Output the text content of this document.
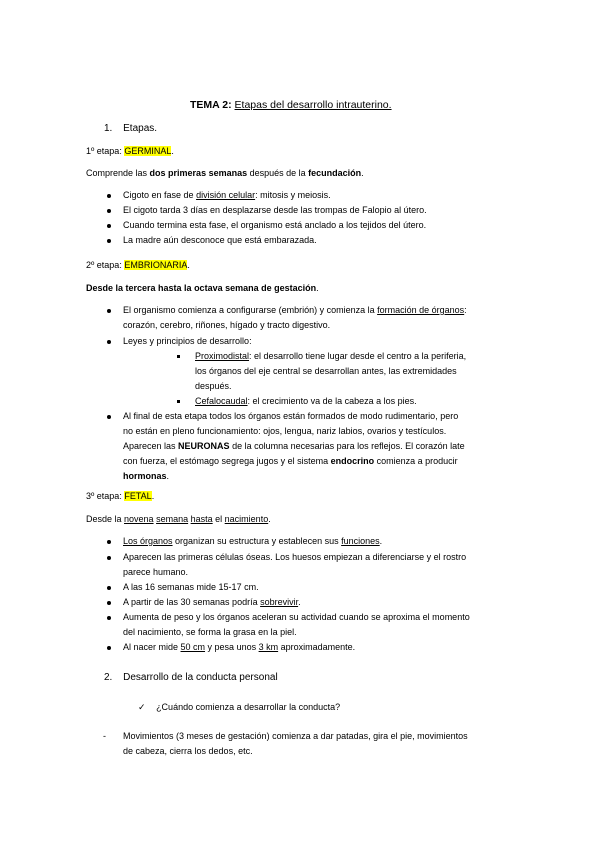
TEMA 2: Etapas del desarrollo intrauterino.
1. Etapas.
1º etapa: GERMINAL.
Comprende las dos primeras semanas después de la fecundación.
Cigoto en fase de división celular: mitosis y meiosis.
El cigoto tarda 3 días en desplazarse desde las trompas de Falopio al útero.
Cuando termina esta fase, el organismo está anclado a los tejidos del útero.
La madre aún desconoce que está embarazada.
2º etapa: EMBRIONARIA.
Desde la tercera hasta la octava semana de gestación.
El organismo comienza a configurarse (embrión) y comienza la formación de órganos:
corazón, cerebro, riñones, hígado y tracto digestivo.
Leyes y principios de desarrollo:
Proximodistal: el desarrollo tiene lugar desde el centro a la periferia,
los órganos del eje central se desarrollan antes, las extremidades
después.
Cefalocaudal: el crecimiento va de la cabeza a los pies.
Al final de esta etapa todos los órganos están formados de modo rudimentario, pero
no están en pleno funcionamiento: ojos, lengua, nariz labios, ovarios y testículos.
Aparecen las NEURONAS de la columna necesarias para los reflejos. El corazón late
con fuerza, el estómago segrega jugos y el sistema endocrino comienza a producir
hormonas.
3º etapa: FETAL.
Desde la novena semana hasta el nacimiento.
Los órganos organizan su estructura y establecen sus funciones.
Aparecen las primeras células óseas. Los huesos empiezan a diferenciarse y el rostro
parece humano.
A las 16 semanas mide 15-17 cm.
A partir de las 30 semanas podría sobrevivir.
Aumenta de peso y los órganos aceleran su actividad cuando se aproxima el momento
del nacimiento, se forma la grasa en la piel.
Al nacer mide 50 cm y pesa unos 3 km aproximadamente.
2. Desarrollo de la conducta personal
✓ ¿Cuándo comienza a desarrollar la conducta?
- Movimientos (3 meses de gestación) comienza a dar patadas, gira el pie, movimientos
de cabeza, cierra los dedos, etc.
